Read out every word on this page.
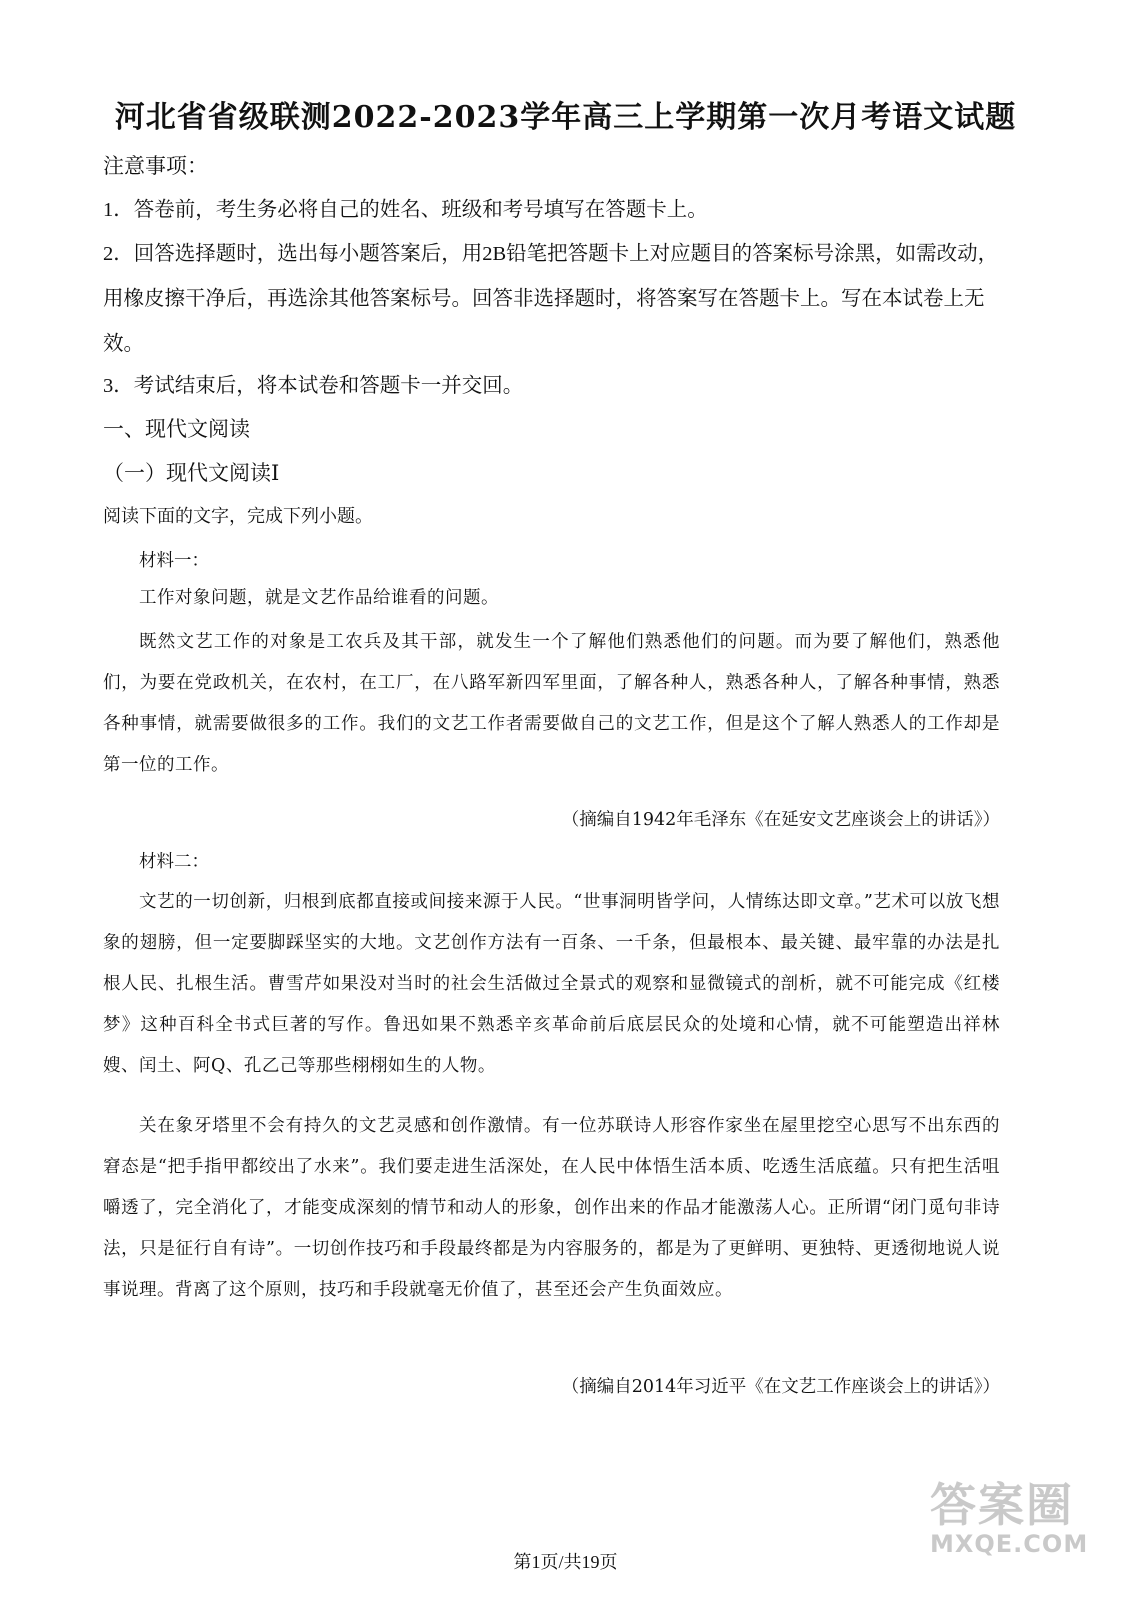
河北省省级联测2022-2023学年高三上学期第一次月考语文试题
注意事项：
1．答卷前，考生务必将自己的姓名、班级和考号填写在答题卡上。
2．回答选择题时，选出每小题答案后，用2B铅笔把答题卡上对应题目的答案标号涂黑，如需改动，用橡皮擦干净后，再选涂其他答案标号。回答非选择题时，将答案写在答题卡上。写在本试卷上无效。
3．考试结束后，将本试卷和答题卡一并交回。
一、现代文阅读
（一）现代文阅读Ⅰ
阅读下面的文字，完成下列小题。
材料一：
工作对象问题，就是文艺作品给谁看的问题。
既然文艺工作的对象是工农兵及其干部，就发生一个了解他们熟悉他们的问题。而为要了解他们，熟悉他们，为要在党政机关，在农村，在工厂，在八路军新四军里面，了解各种人，熟悉各种人，了解各种事情，熟悉各种事情，就需要做很多的工作。我们的文艺工作者需要做自己的文艺工作，但是这个了解人熟悉人的工作却是第一位的工作。
（摘编自1942年毛泽东《在延安文艺座谈会上的讲话》）
材料二：
文艺的一切创新，归根到底都直接或间接来源于人民。“世事洞明皆学问，人情练达即文章。”艺术可以放飞想象的翅膀，但一定要脚踩坚实的大地。文艺创作方法有一百条、一千条，但最根本、最关键、最牢靠的办法是扎根人民、扎根生活。曹雪芹如果没对当时的社会生活做过全景式的观察和显微镜式的剖析，就不可能完成《红楼梦》这种百科全书式巨著的写作。鲁迅如果不熟悉辛亥革命前后底层民众的处境和心情，就不可能塑造出祥林嫂、闰土、阿Q、孔乙己等那些栩栩如生的人物。
关在象牙塔里不会有持久的文艺灵感和创作激情。有一位苏联诗人形容作家坐在屋里挖空心思写不出东西的窘态是“把手指甲都绞出了水来”。我们要走进生活深处，在人民中体悟生活本质、吃透生活底蕴。只有把生活咀嚼透了，完全消化了，才能变成深刻的情节和动人的形象，创作出来的作品才能激荡人心。正所谓“闭门觅句非诗法，只是征行自有诗”。一切创作技巧和手段最终都是为内容服务的，都是为了更鲜明、更独特、更透彻地说人说事说理。背离了这个原则，技巧和手段就毫无价值了，甚至还会产生负面效应。
（摘编自2014年习近平《在文艺工作座谈会上的讲话》）
第1页/共19页
答案圈
MXQE.COM
